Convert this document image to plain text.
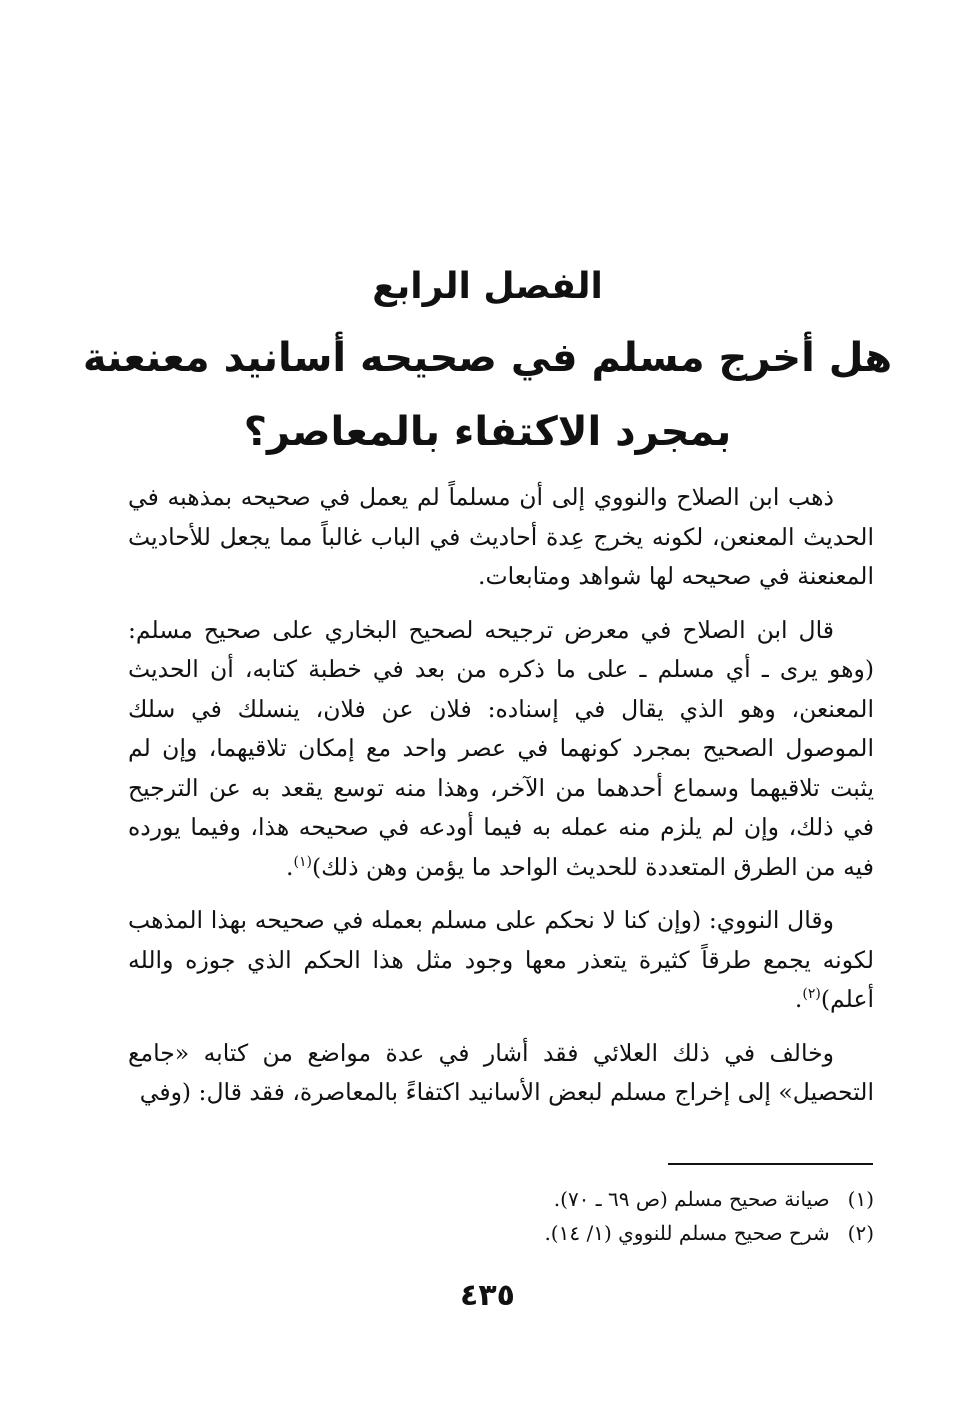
الفصل الرابع
هل أخرج مسلم في صحيحه أسانيد معنعنة
بمجرد الاكتفاء بالمعاصر؟

ذهب ابن الصلاح والنووي إلى أن مسلماً لم يعمل في صحيحه بمذهبه في الحديث المعنعن، لكونه يخرج عِدة أحاديث في الباب غالباً مما يجعل للأحاديث المعنعنة في صحيحه لها شواهد ومتابعات.

قال ابن الصلاح في معرض ترجيحه لصحيح البخاري على صحيح مسلم: (وهو يرى ـ أي مسلم ـ على ما ذكره من بعد في خطبة كتابه، أن الحديث المعنعن، وهو الذي يقال في إسناده: فلان عن فلان، ينسلك في سلك الموصول الصحيح بمجرد كونهما في عصر واحد مع إمكان تلاقيهما، وإن لم يثبت تلاقيهما وسماع أحدهما من الآخر، وهذا منه توسع يقعد به عن الترجيح في ذلك، وإن لم يلزم منه عمله به فيما أودعه في صحيحه هذا، وفيما يورده فيه من الطرق المتعددة للحديث الواحد ما يؤمن وهن ذلك)$^{(١)}$.

وقال النووي: (وإن كنا لا نحكم على مسلم بعمله في صحيحه بهذا المذهب لكونه يجمع طرقاً كثيرة يتعذر معها وجود مثل هذا الحكم الذي جوزه والله أعلم)$^{(٢)}$.

وخالف في ذلك العلائي فقد أشار في عدة مواضع من كتابه «جامع التحصيل» إلى إخراج مسلم لبعض الأسانيد اكتفاءً بالمعاصرة، فقد قال: (وفي

(١)
صيانة صحيح مسلم (ص ٦٩ ـ ٧٠).
(٢)
شرح صحيح مسلم للنووي (١/ ١٤).
٤٣٥
